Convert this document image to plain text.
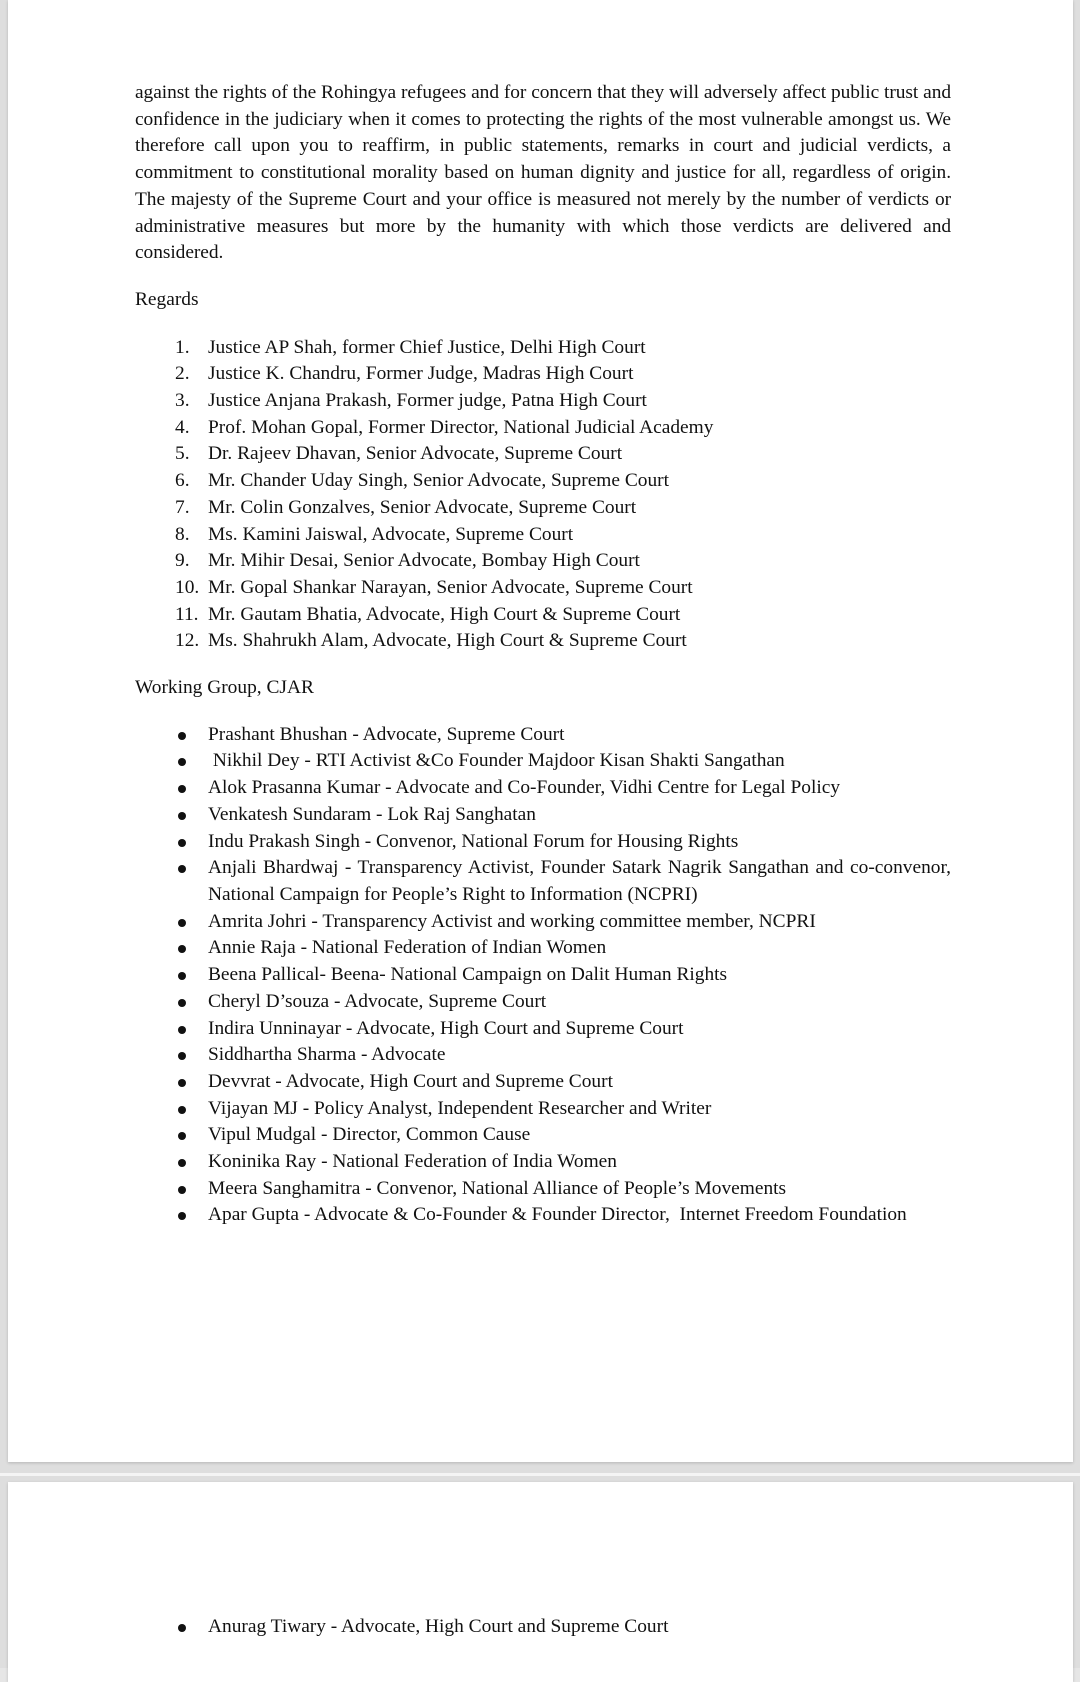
against the rights of the Rohingya refugees and for concern that they will adversely affect public trust and confidence in the judiciary when it comes to protecting the rights of the most vulnerable amongst us. We therefore call upon you to reaffirm, in public statements, remarks in court and judicial verdicts, a commitment to constitutional morality based on human dignity and justice for all, regardless of origin. The majesty of the Supreme Court and your office is measured not merely by the number of verdicts or administrative measures but more by the humanity with which those verdicts are delivered and considered.

Regards

1. Justice AP Shah, former Chief Justice, Delhi High Court
2. Justice K. Chandru, Former Judge, Madras High Court
3. Justice Anjana Prakash, Former judge, Patna High Court
4. Prof. Mohan Gopal, Former Director, National Judicial Academy
5. Dr. Rajeev Dhavan, Senior Advocate, Supreme Court
6. Mr. Chander Uday Singh, Senior Advocate, Supreme Court
7. Mr. Colin Gonzalves, Senior Advocate, Supreme Court
8. Ms. Kamini Jaiswal, Advocate, Supreme Court
9. Mr. Mihir Desai, Senior Advocate, Bombay High Court
10. Mr. Gopal Shankar Narayan, Senior Advocate, Supreme Court
11. Mr. Gautam Bhatia, Advocate, High Court & Supreme Court
12. Ms. Shahrukh Alam, Advocate, High Court & Supreme Court

Working Group, CJAR

Prashant Bhushan - Advocate, Supreme Court
Nikhil Dey - RTI Activist &Co Founder Majdoor Kisan Shakti Sangathan
Alok Prasanna Kumar - Advocate and Co-Founder, Vidhi Centre for Legal Policy
Venkatesh Sundaram - Lok Raj Sanghatan
Indu Prakash Singh - Convenor, National Forum for Housing Rights
Anjali Bhardwaj - Transparency Activist, Founder Satark Nagrik Sangathan and co-convenor, National Campaign for People’s Right to Information (NCPRI)
Amrita Johri - Transparency Activist and working committee member, NCPRI
Annie Raja - National Federation of Indian Women
Beena Pallical- Beena- National Campaign on Dalit Human Rights
Cheryl D’souza - Advocate, Supreme Court
Indira Unninayar - Advocate, High Court and Supreme Court
Siddhartha Sharma - Advocate
Devvrat - Advocate, High Court and Supreme Court
Vijayan MJ - Policy Analyst, Independent Researcher and Writer
Vipul Mudgal - Director, Common Cause
Koninika Ray - National Federation of India Women
Meera Sanghamitra - Convenor, National Alliance of People’s Movements
Apar Gupta - Advocate & Co-Founder & Founder Director,  Internet Freedom Foundation
Anurag Tiwary - Advocate, High Court and Supreme Court
